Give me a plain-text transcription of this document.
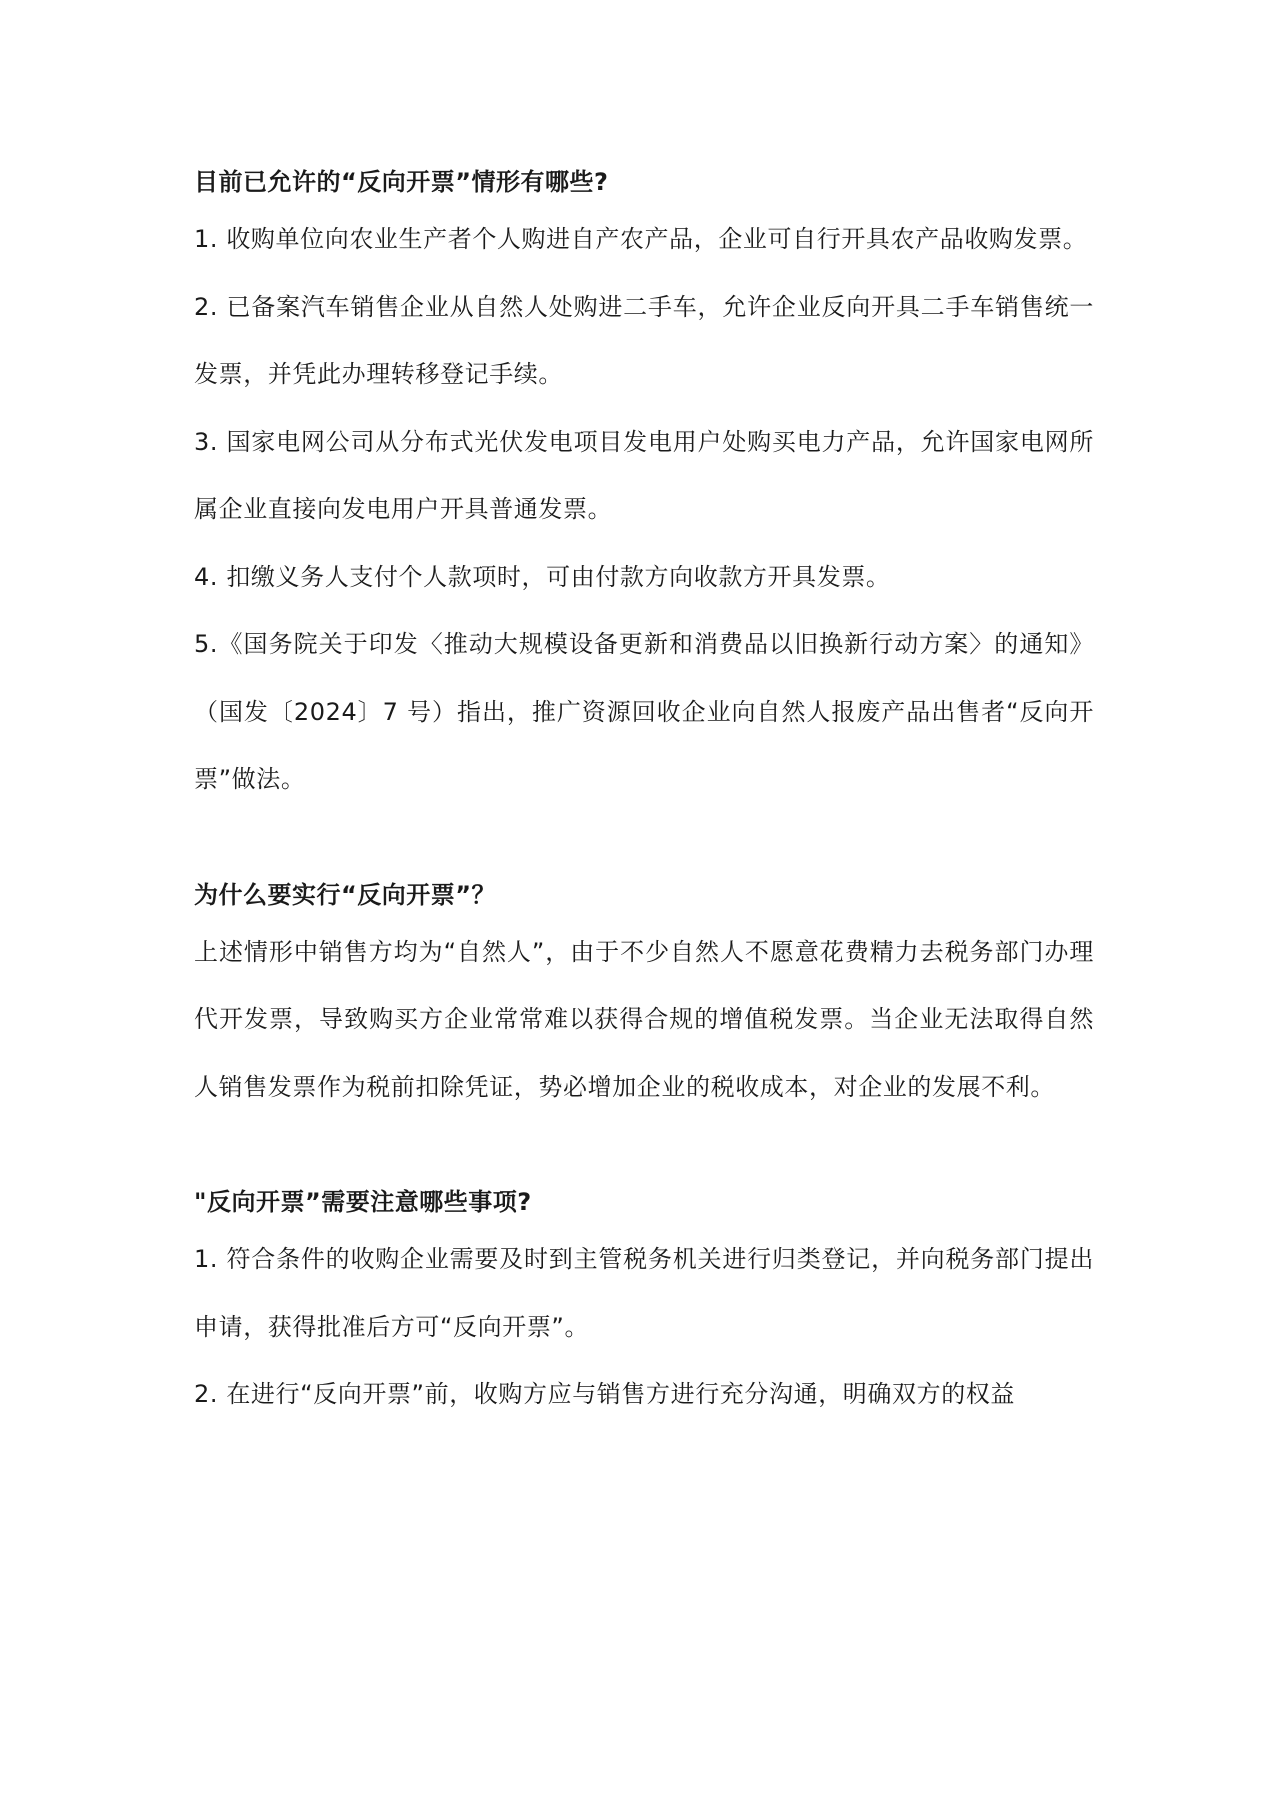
目前已允许的“反向开票”情形有哪些?

1. 收购单位向农业生产者个人购进自产农产品，企业可自行开具农产品收购发票。

2. 已备案汽车销售企业从自然人处购进二手车，允许企业反向开具二手车销售统一发票，并凭此办理转移登记手续。

3. 国家电网公司从分布式光伏发电项目发电用户处购买电力产品，允许国家电网所属企业直接向发电用户开具普通发票。

4. 扣缴义务人支付个人款项时，可由付款方向收款方开具发票。

5.《国务院关于印发〈推动大规模设备更新和消费品以旧换新行动方案〉的通知》（国发〔2024〕7 号）指出，推广资源回收企业向自然人报废产品出售者“反向开票”做法。

为什么要实行“反向开票”？

上述情形中销售方均为“自然人”，由于不少自然人不愿意花费精力去税务部门办理代开发票，导致购买方企业常常难以获得合规的增值税发票。当企业无法取得自然人销售发票作为税前扣除凭证，势必增加企业的税收成本，对企业的发展不利。

"反向开票”需要注意哪些事项?

1. 符合条件的收购企业需要及时到主管税务机关进行归类登记，并向税务部门提出申请，获得批准后方可“反向开票”。

2. 在进行“反向开票”前，收购方应与销售方进行充分沟通，明确双方的权益
